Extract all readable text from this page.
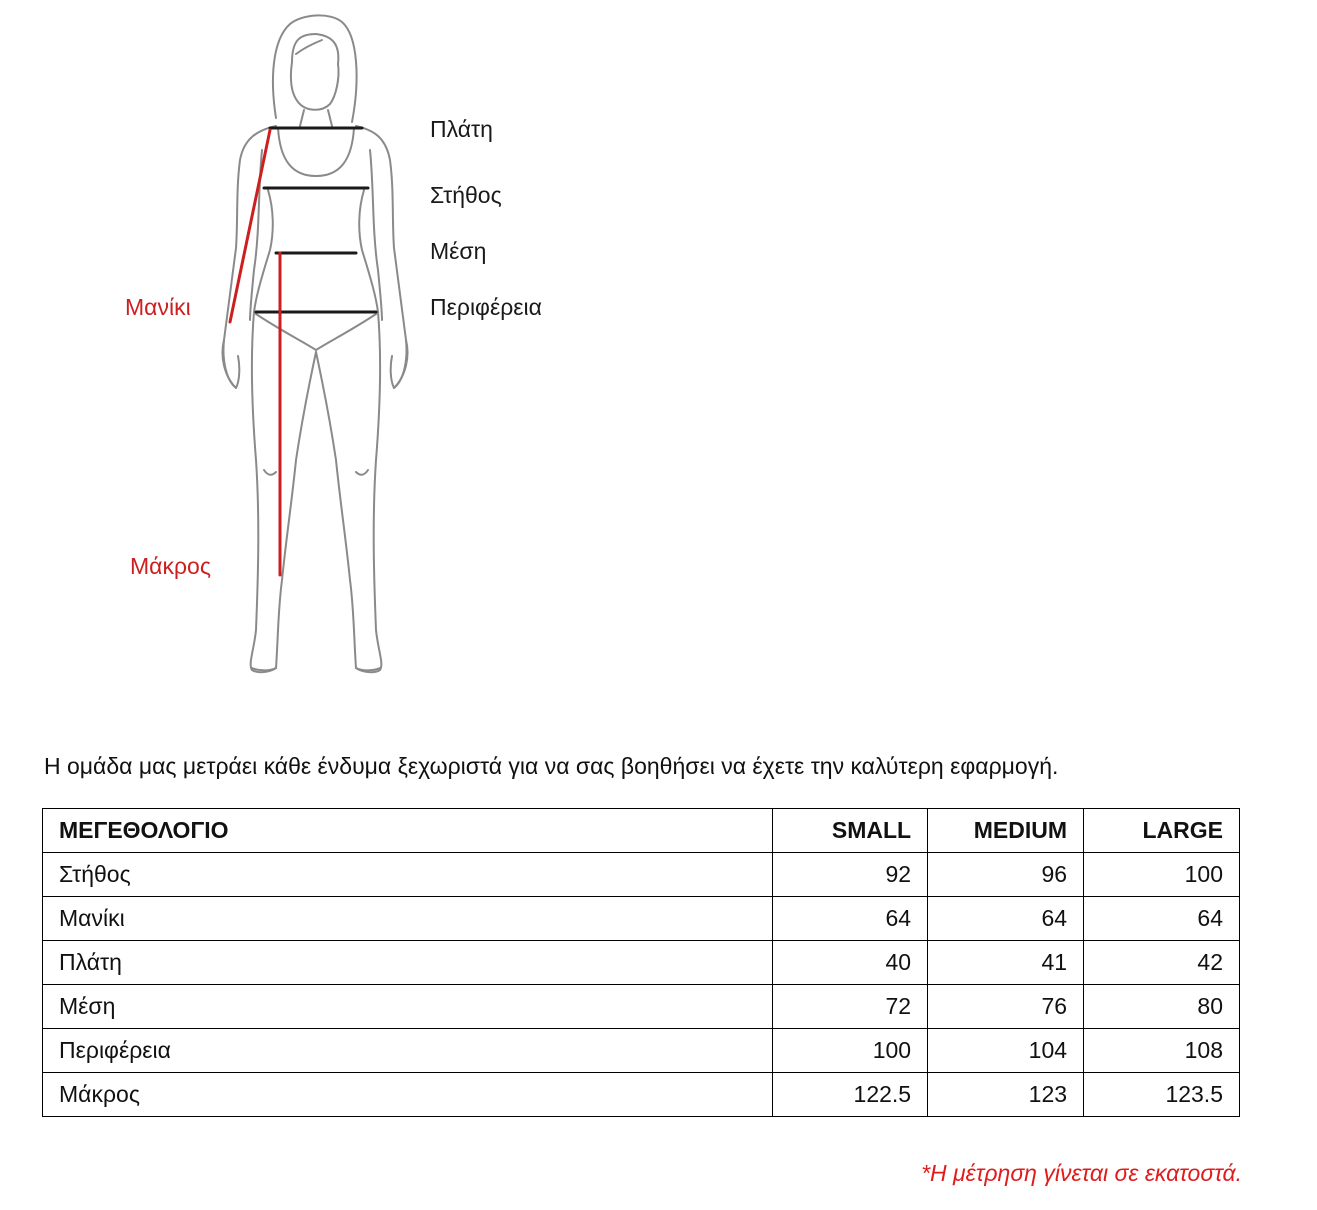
Πλάτη
Στήθος
Μέση
Περιφέρεια
Μανίκι
Μάκρος
Η ομάδα μας μετράει κάθε ένδυμα ξεχωριστά για να σας βοηθήσει να έχετε την καλύτερη εφαρμογή.
ΜΕΓΕΘΟΛΟΓΙΟ	SMALL	MEDIUM	LARGE
Στήθος	92	96	100
Μανίκι	64	64	64
Πλάτη	40	41	42
Μέση	72	76	80
Περιφέρεια	100	104	108
Μάκρος	122.5	123	123.5
*Η μέτρηση γίνεται σε εκατοστά.
